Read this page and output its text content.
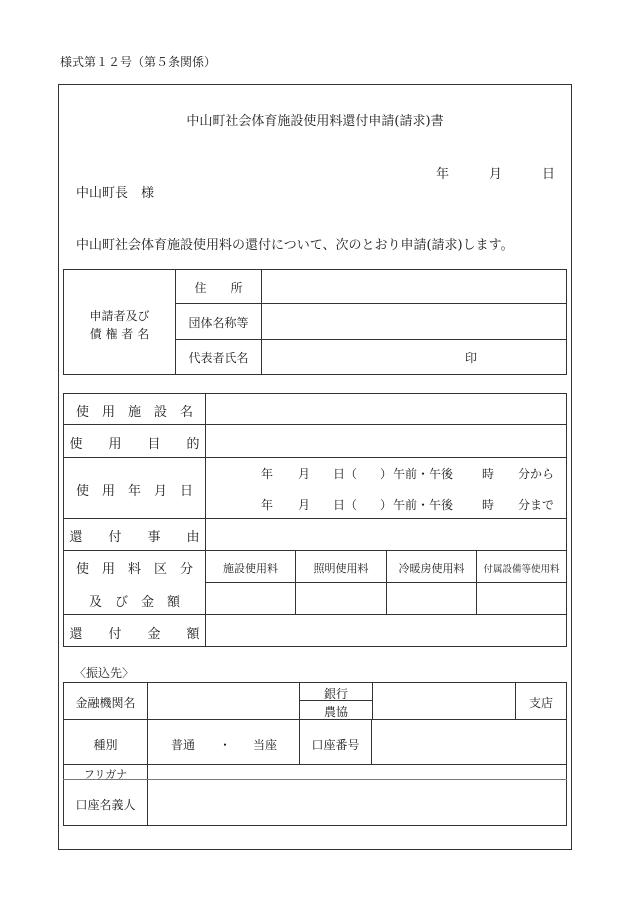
様式第１２号（第５条関係）
中山町社会体育施設使用料還付申請(請求)書
年	月	日
中山町長　様
中山町社会体育施設使用料の還付について、次のとおり申請(請求)します。
申請者及び
債 権 者 名
住　　所
団体名称等
代表者氏名	印
使　用　施　設　名
使　　用　　目　　的
使　用　年　月　日
年 月 日（ ） 午前・午後 時 分から
年 月 日（ ） 午前・午後 時 分まで
還　　付　　事　　由
使　用　料　区　分
及　び　金　額
施設使用料	照明使用料	冷暖房使用料	付属設備等使用料
還　　付　　金　　額
〈振込先〉
金融機関名
銀行
農協
支店
種別	普通 ・ 当座	口座番号
フリガナ
口座名義人
